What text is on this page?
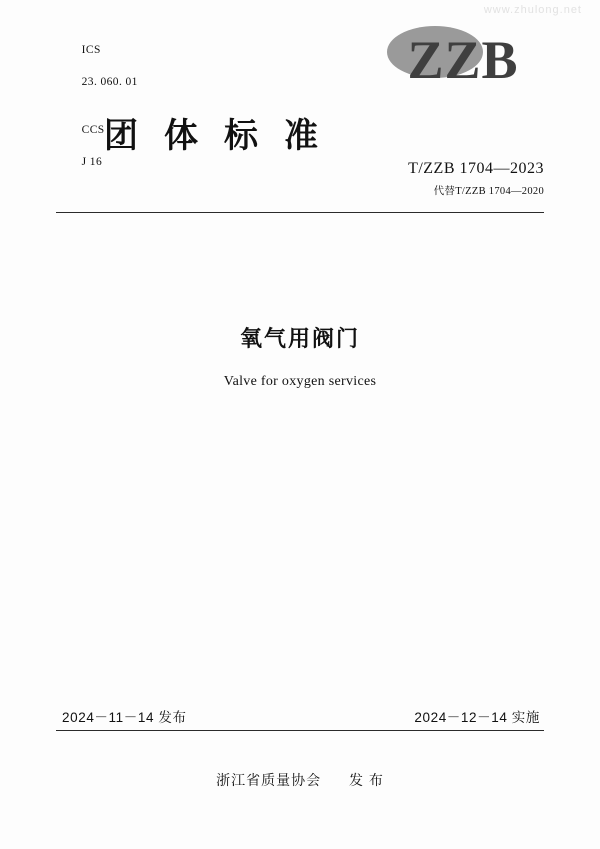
www.zhulong.net

ICS

23. 060. 01

CCS

J 16

ZZB
团体标准
T/ZZB 1704—2023
代替T/ZZB 1704—2020
氧气用阀门
Valve for oxygen services
2024－11－14 发布	2024－12－14 实施
浙江省质量协会 发 布
